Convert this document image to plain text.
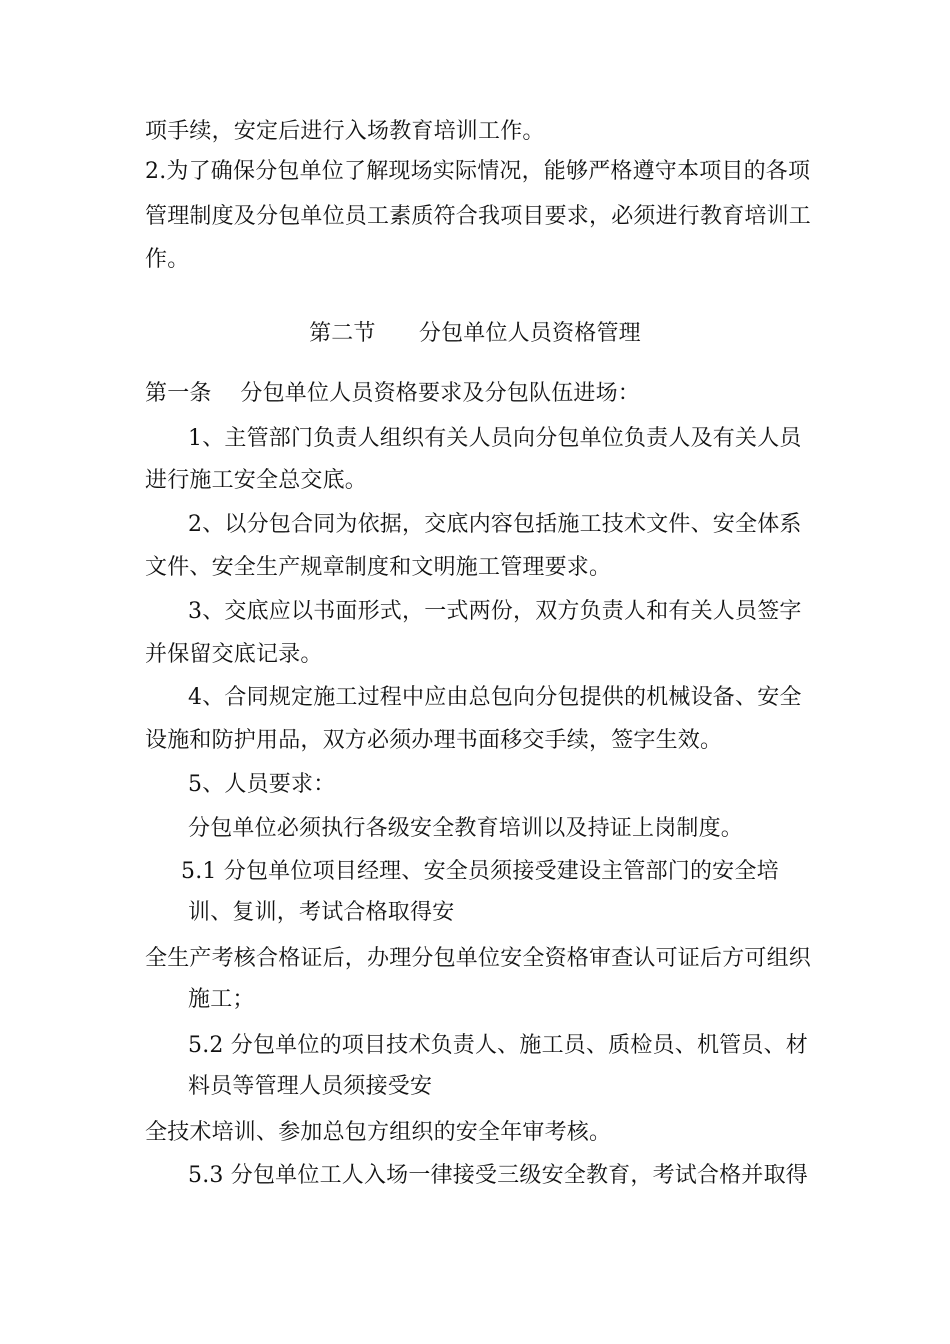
项手续，安定后进行入场教育培训工作。
2.为了确保分包单位了解现场实际情况，能够严格遵守本项目的各项
管理制度及分包单位员工素质符合我项目要求，必须进行教育培训工
作。
第二节      分包单位人员资格管理
第一条    分包单位人员资格要求及分包队伍进场：
1、主管部门负责人组织有关人员向分包单位负责人及有关人员
进行施工安全总交底。
2、以分包合同为依据，交底内容包括施工技术文件、安全体系
文件、安全生产规章制度和文明施工管理要求。
3、交底应以书面形式，一式两份，双方负责人和有关人员签字
并保留交底记录。
4、合同规定施工过程中应由总包向分包提供的机械设备、安全
设施和防护用品，双方必须办理书面移交手续，签字生效。
5、人员要求：
分包单位必须执行各级安全教育培训以及持证上岗制度。
5.1 分包单位项目经理、安全员须接受建设主管部门的安全培
训、复训，考试合格取得安
全生产考核合格证后，办理分包单位安全资格审查认可证后方可组织
施工；
5.2 分包单位的项目技术负责人、施工员、质检员、机管员、材
料员等管理人员须接受安
全技术培训、参加总包方组织的安全年审考核。
5.3 分包单位工人入场一律接受三级安全教育，考试合格并取得
